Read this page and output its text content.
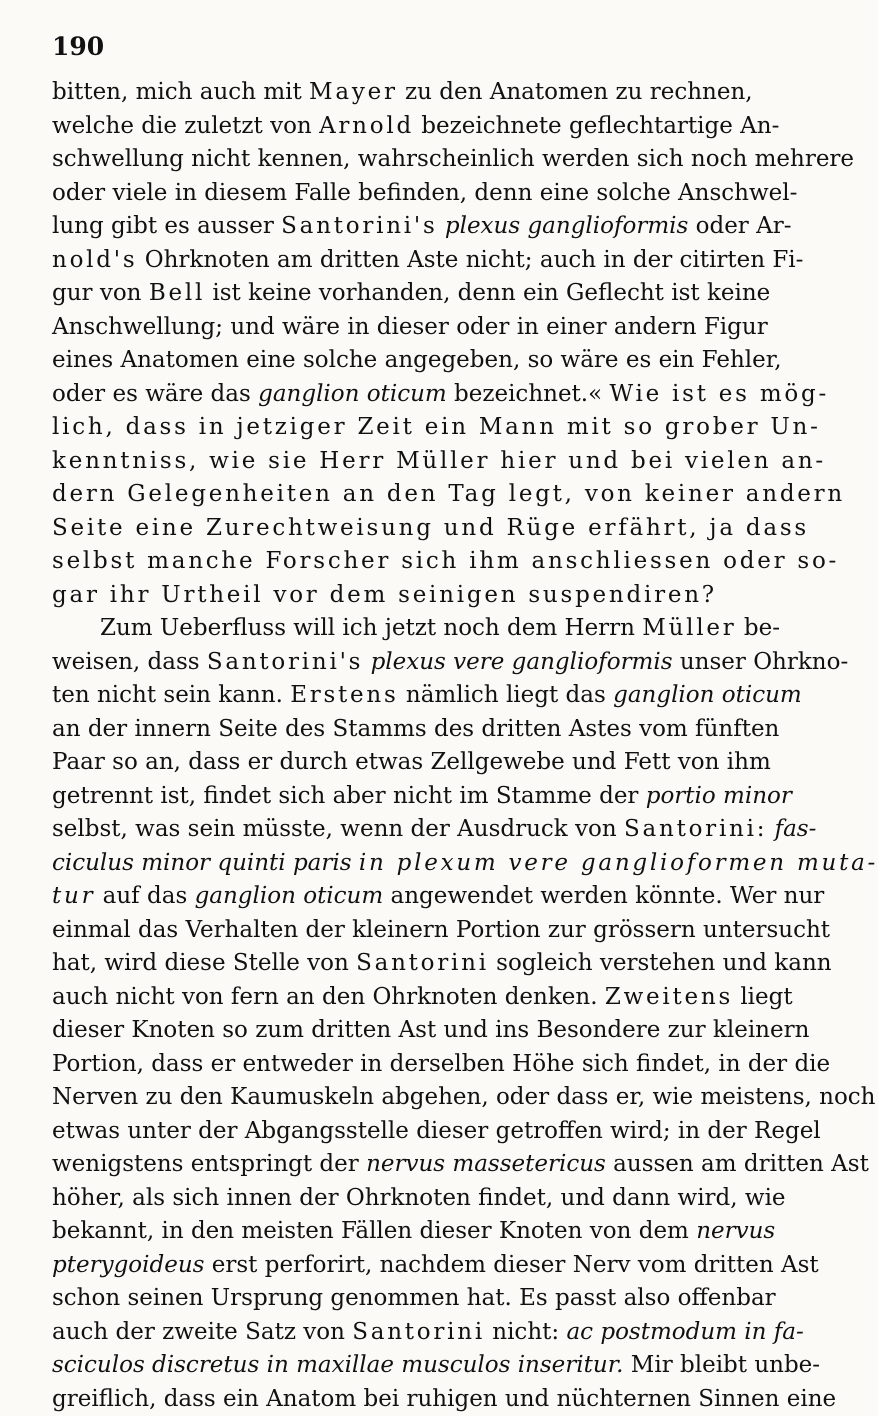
190
bitten, mich auch mit Mayer zu den Anatomen zu rechnen,
welche die zuletzt von Arnold bezeichnete geflechtartige An-
schwellung nicht kennen, wahrscheinlich werden sich noch mehrere
oder viele in diesem Falle befinden, denn eine solche Anschwel-
lung gibt es ausser Santorini's plexus ganglioformis oder Ar-
nold's Ohrknoten am dritten Aste nicht; auch in der citirten Fi-
gur von Bell ist keine vorhanden, denn ein Geflecht ist keine
Anschwellung; und wäre in dieser oder in einer andern Figur
eines Anatomen eine solche angegeben, so wäre es ein Fehler,
oder es wäre das ganglion oticum bezeichnet.« Wie ist es mög-
lich, dass in jetziger Zeit ein Mann mit so grober Un-
kenntniss, wie sie Herr Müller hier und bei vielen an-
dern Gelegenheiten an den Tag legt, von keiner andern
Seite eine Zurechtweisung und Rüge erfährt, ja dass
selbst manche Forscher sich ihm anschliessen oder so-
gar ihr Urtheil vor dem seinigen suspendiren?
Zum Ueberfluss will ich jetzt noch dem Herrn Müller be-
weisen, dass Santorini's plexus vere ganglioformis unser Ohrkno-
ten nicht sein kann. Erstens nämlich liegt das ganglion oticum
an der innern Seite des Stamms des dritten Astes vom fünften
Paar so an, dass er durch etwas Zellgewebe und Fett von ihm
getrennt ist, findet sich aber nicht im Stamme der portio minor
selbst, was sein müsste, wenn der Ausdruck von Santorini: fas-
ciculus minor quinti paris in plexum vere ganglioformen muta-
tur auf das ganglion oticum angewendet werden könnte. Wer nur
einmal das Verhalten der kleinern Portion zur grössern untersucht
hat, wird diese Stelle von Santorini sogleich verstehen und kann
auch nicht von fern an den Ohrknoten denken. Zweitens liegt
dieser Knoten so zum dritten Ast und ins Besondere zur kleinern
Portion, dass er entweder in derselben Höhe sich findet, in der die
Nerven zu den Kaumuskeln abgehen, oder dass er, wie meistens, noch
etwas unter der Abgangsstelle dieser getroffen wird; in der Regel
wenigstens entspringt der nervus massetericus aussen am dritten Ast
höher, als sich innen der Ohrknoten findet, und dann wird, wie
bekannt, in den meisten Fällen dieser Knoten von dem nervus
pterygoideus erst perforirt, nachdem dieser Nerv vom dritten Ast
schon seinen Ursprung genommen hat. Es passt also offenbar
auch der zweite Satz von Santorini nicht: ac postmodum in fa-
sciculos discretus in maxillae musculos inseritur. Mir bleibt unbe-
greiflich, dass ein Anatom bei ruhigen und nüchternen Sinnen eine
